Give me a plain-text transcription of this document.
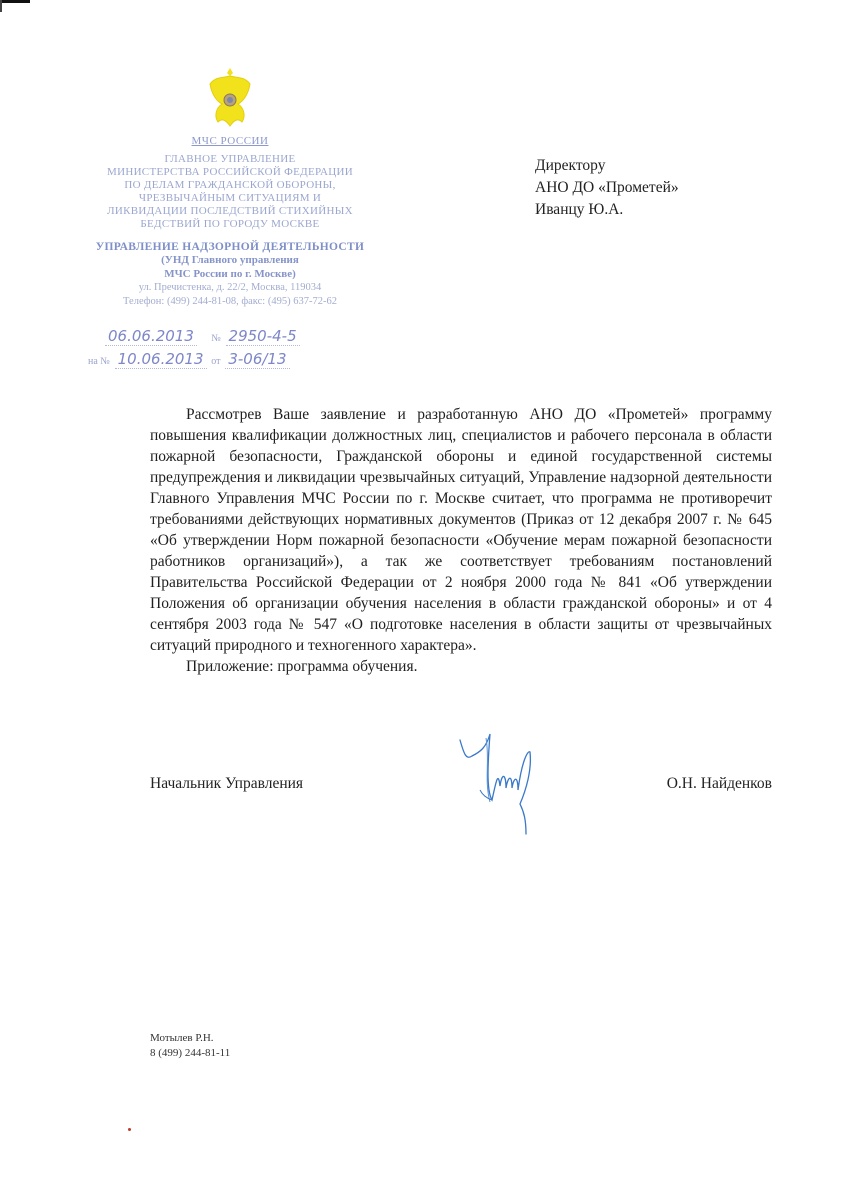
МЧС РОССИИ
ГЛАВНОЕ УПРАВЛЕНИЕ
МИНИСТЕРСТВА РОССИЙСКОЙ ФЕДЕРАЦИИ
ПО ДЕЛАМ ГРАЖДАНСКОЙ ОБОРОНЫ,
ЧРЕЗВЫЧАЙНЫМ СИТУАЦИЯМ И
ЛИКВИДАЦИИ ПОСЛЕДСТВИЙ СТИХИЙНЫХ
БЕДСТВИЙ ПО ГОРОДУ МОСКВЕ
УПРАВЛЕНИЕ НАДЗОРНОЙ ДЕЯТЕЛЬНОСТИ
(УНД Главного управления
МЧС России по г. Москве)
ул. Пречистенка, д. 22/2, Москва, 119034
Телефон: (499) 244-81-08, факс: (495) 637-72-62
06.06.2013 № 2950-4-5
на № 10.06.2013 от 3-06/13
Директору
АНО ДО «Прометей»
Иванцу Ю.А.

Рассмотрев Ваше заявление и разработанную АНО ДО «Прометей» программу повышения квалификации должностных лиц, специалистов и рабочего персонала в области пожарной безопасности, Гражданской обороны и единой государственной системы предупреждения и ликвидации чрезвычайных ситуаций, Управление надзорной деятельности Главного Управления МЧС России по г. Москве считает, что программа не противоречит требованиями действующих нормативных документов (Приказ от 12 декабря 2007 г. № 645 «Об утверждении Норм пожарной безопасности «Обучение мерам пожарной безопасности работников организаций»), а так же соответствует требованиям постановлений Правительства Российской Федерации от 2 ноября 2000 года № 841 «Об утверждении Положения об организации обучения населения в области гражданской обороны» и от 4 сентября 2003 года № 547 «О подготовке населения в области защиты от чрезвычайных ситуаций природного и техногенного характера».

Приложение: программа обучения.

Начальник Управления	О.Н. Найденков
Мотылев Р.Н.
8 (499) 244-81-11
